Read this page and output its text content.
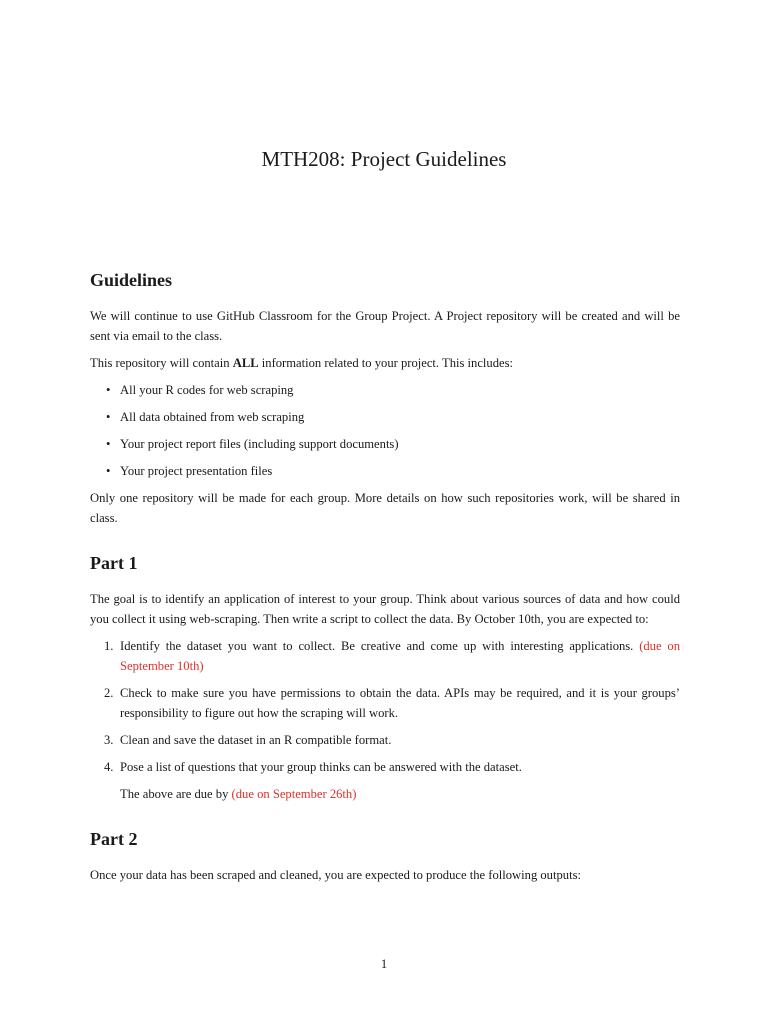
MTH208: Project Guidelines
Guidelines

We will continue to use GitHub Classroom for the Group Project. A Project repository will be created and will be sent via email to the class.

This repository will contain ALL information related to your project. This includes:

• All your R codes for web scraping
• All data obtained from web scraping
• Your project report files (including support documents)
• Your project presentation files

Only one repository will be made for each group. More details on how such repositories work, will be shared in class.

Part 1

The goal is to identify an application of interest to your group. Think about various sources of data and how could you collect it using web-scraping. Then write a script to collect the data. By October 10th, you are expected to:

1. Identify the dataset you want to collect. Be creative and come up with interesting applications. (due on September 10th)
2. Check to make sure you have permissions to obtain the data. APIs may be required, and it is your groups’ responsibility to figure out how the scraping will work.
3. Clean and save the dataset in an R compatible format.
4. Pose a list of questions that your group thinks can be answered with the dataset.

The above are due by (due on September 26th)

Part 2

Once your data has been scraped and cleaned, you are expected to produce the following outputs:

1
